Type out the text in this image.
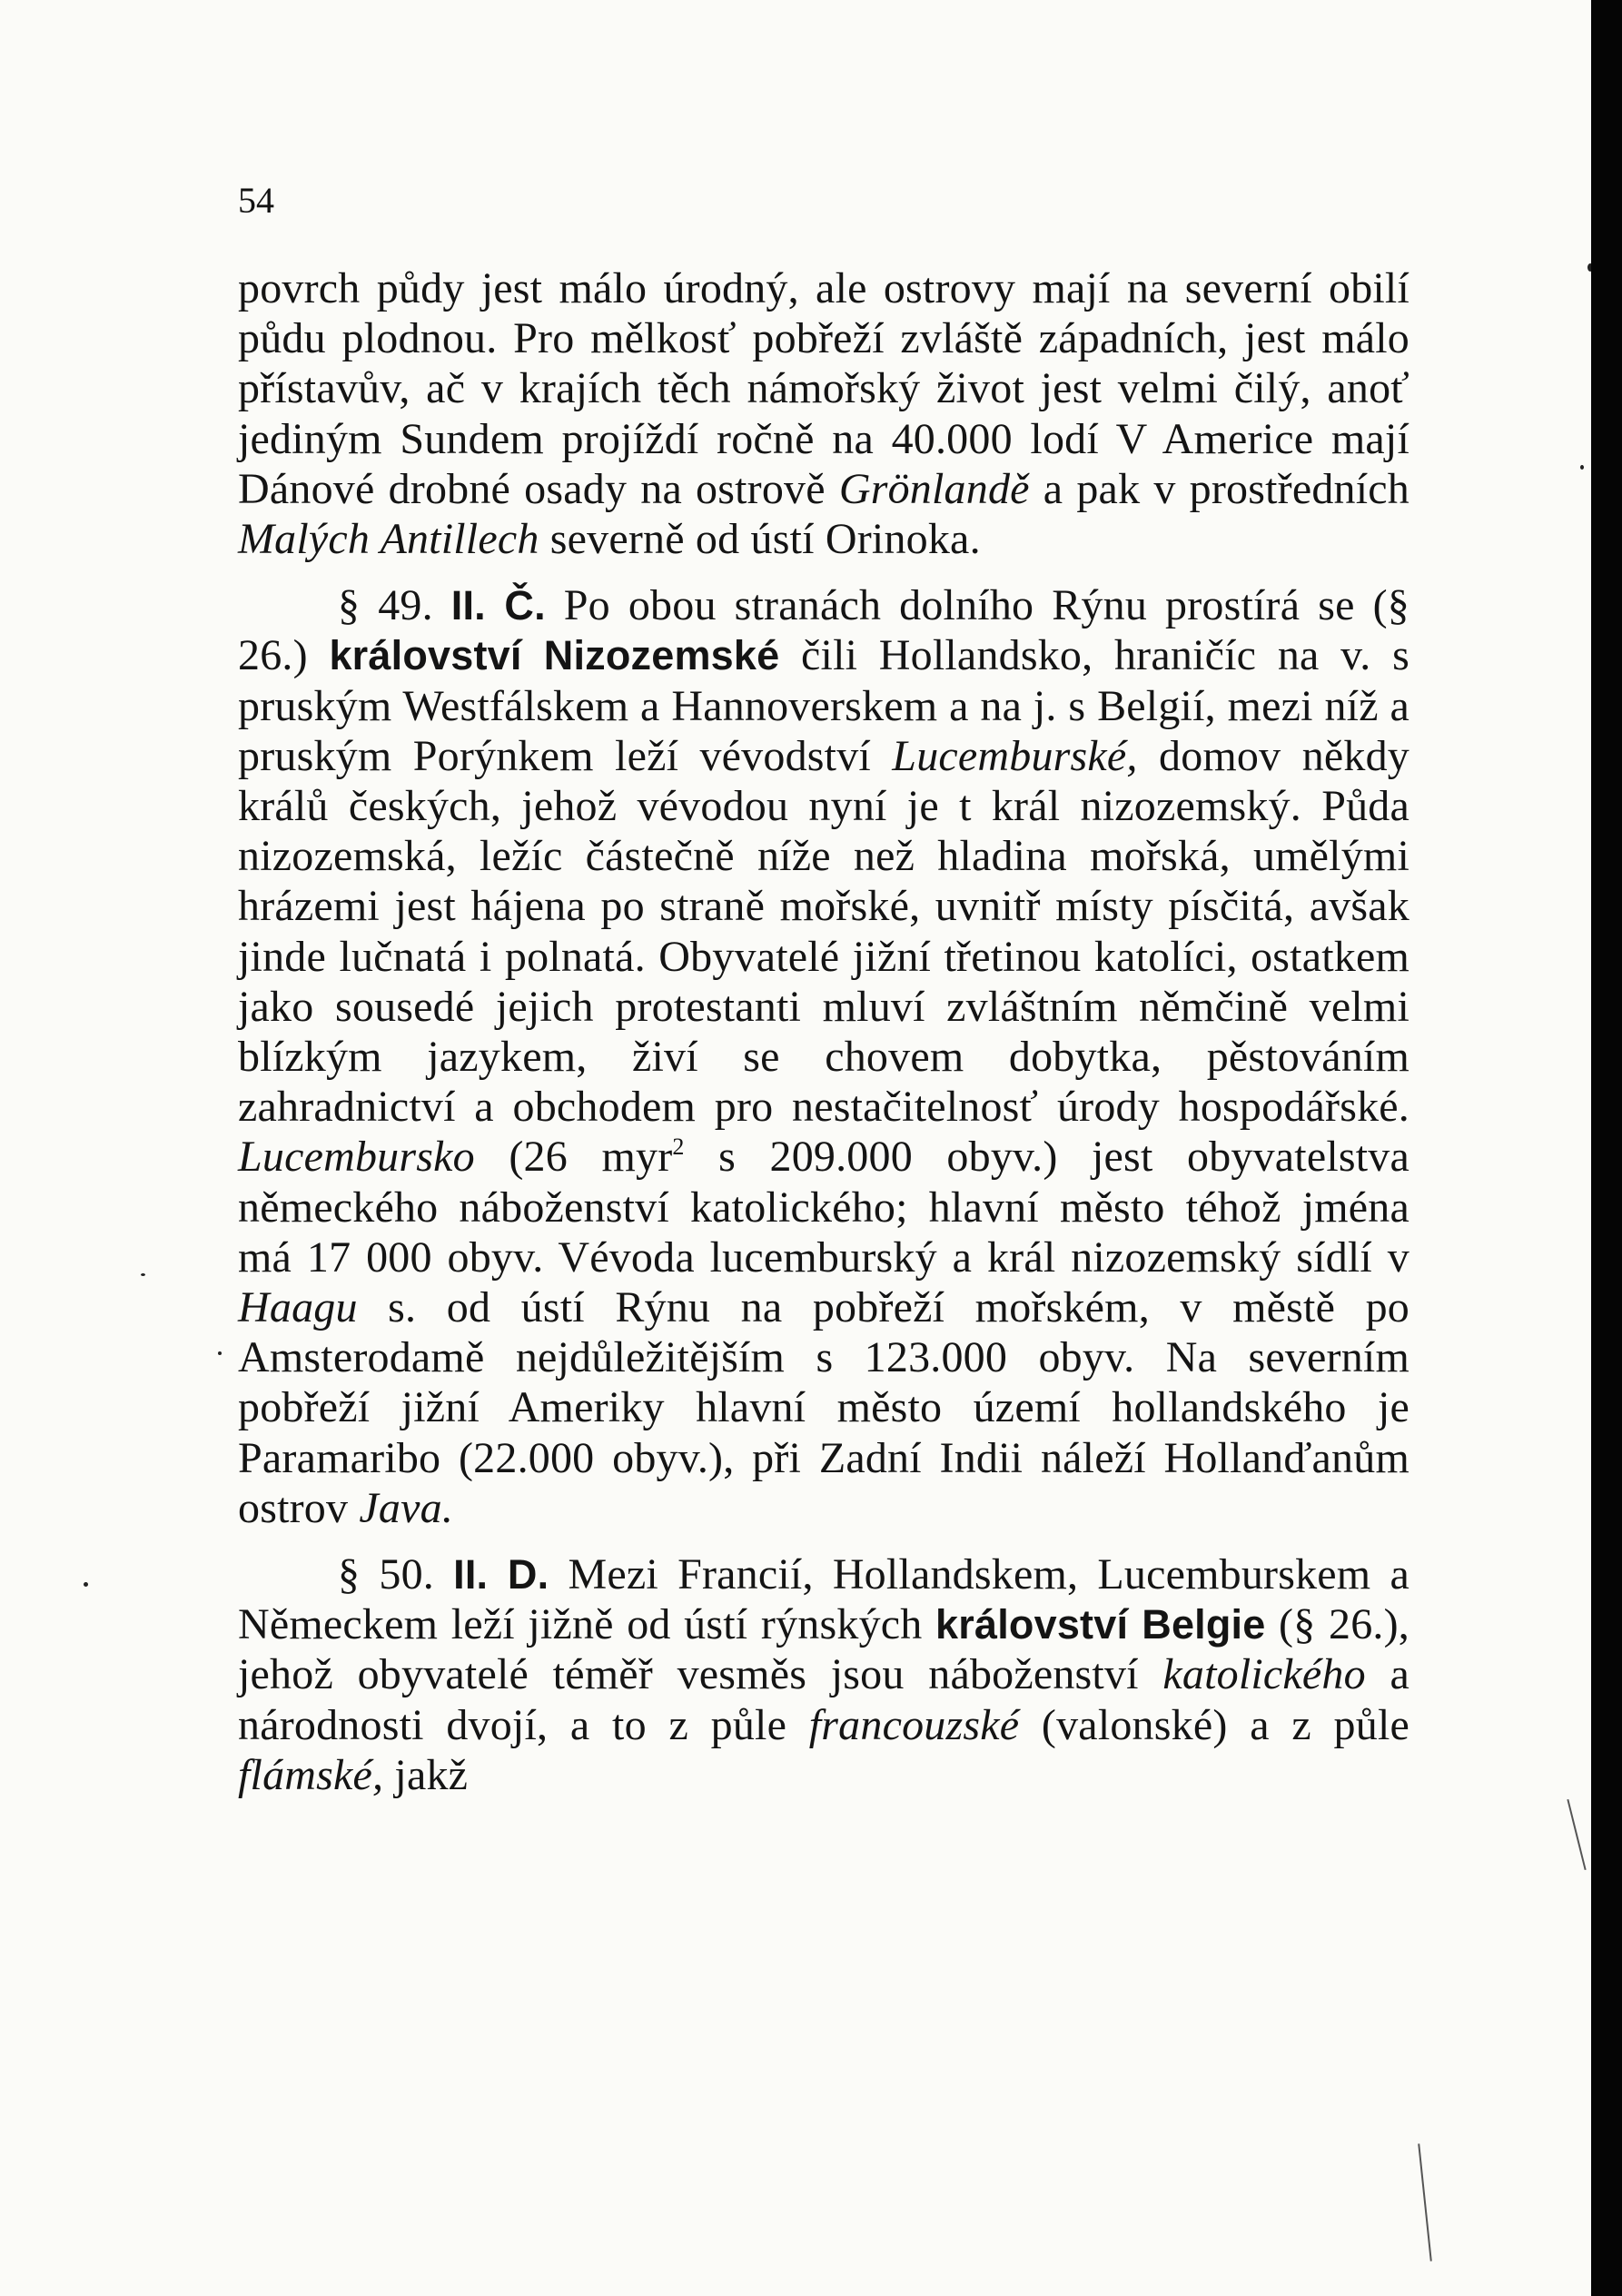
54

povrch půdy jest málo úrodný, ale ostrovy mají na severní obilí půdu plodnou. Pro mělkosť pobřeží zvláště západních, jest málo přístavův, ač v krajích těch námořský život jest velmi čilý, anoť jediným Sundem projíždí ročně na 40.000 lodí V Americe mají Dánové drobné osady na ostrově Grönlandě a pak v prostředních Malých Antillech severně od ústí Orinoka.

§ 49. II. Č. Po obou stranách dolního Rýnu prostírá se (§ 26.) království Nizozemské čili Hollandsko, hraničíc na v. s pruským Westfálskem a Hannoverskem a na j. s Belgií, mezi níž a pruským Porýnkem leží vévodství Lucemburské, domov někdy králů českých, jehož vévodou nyní je t král nizozemský. Půda nizozemská, ležíc částečně níže než hladina mořská, umělými hrázemi jest hájena po straně mořské, uvnitř místy písčitá, avšak jinde lučnatá i polnatá. Obyvatelé jižní třetinou katolíci, ostatkem jako sousedé jejich protestanti mluví zvláštním němčině velmi blízkým jazykem, živí se chovem dobytka, pěstováním zahradnictví a obchodem pro nestačitelnosť úrody hospodářské. Lucembursko (26 myr$^2$ s 209.000 obyv.) jest obyvatelstva německého náboženství katolického; hlavní město téhož jména má 17 000 obyv. Vévoda lucemburský a král nizozemský sídlí v Haagu s. od ústí Rýnu na pobřeží mořském, v městě po Amsterodamě nejdůležitějším s 123.000 obyv. Na severním pobřeží jižní Ameriky hlavní město území hollandského je Paramaribo (22.000 obyv.), při Zadní Indii náleží Hollanďanům ostrov Java.

§ 50. II. D. Mezi Francií, Hollandskem, Lucemburskem a Německem leží jižně od ústí rýnských království Belgie (§ 26.), jehož obyvatelé téměř vesměs jsou náboženství katolického a národnosti dvojí, a to z půle francouzské (valonské) a z půle flámské, jakž
